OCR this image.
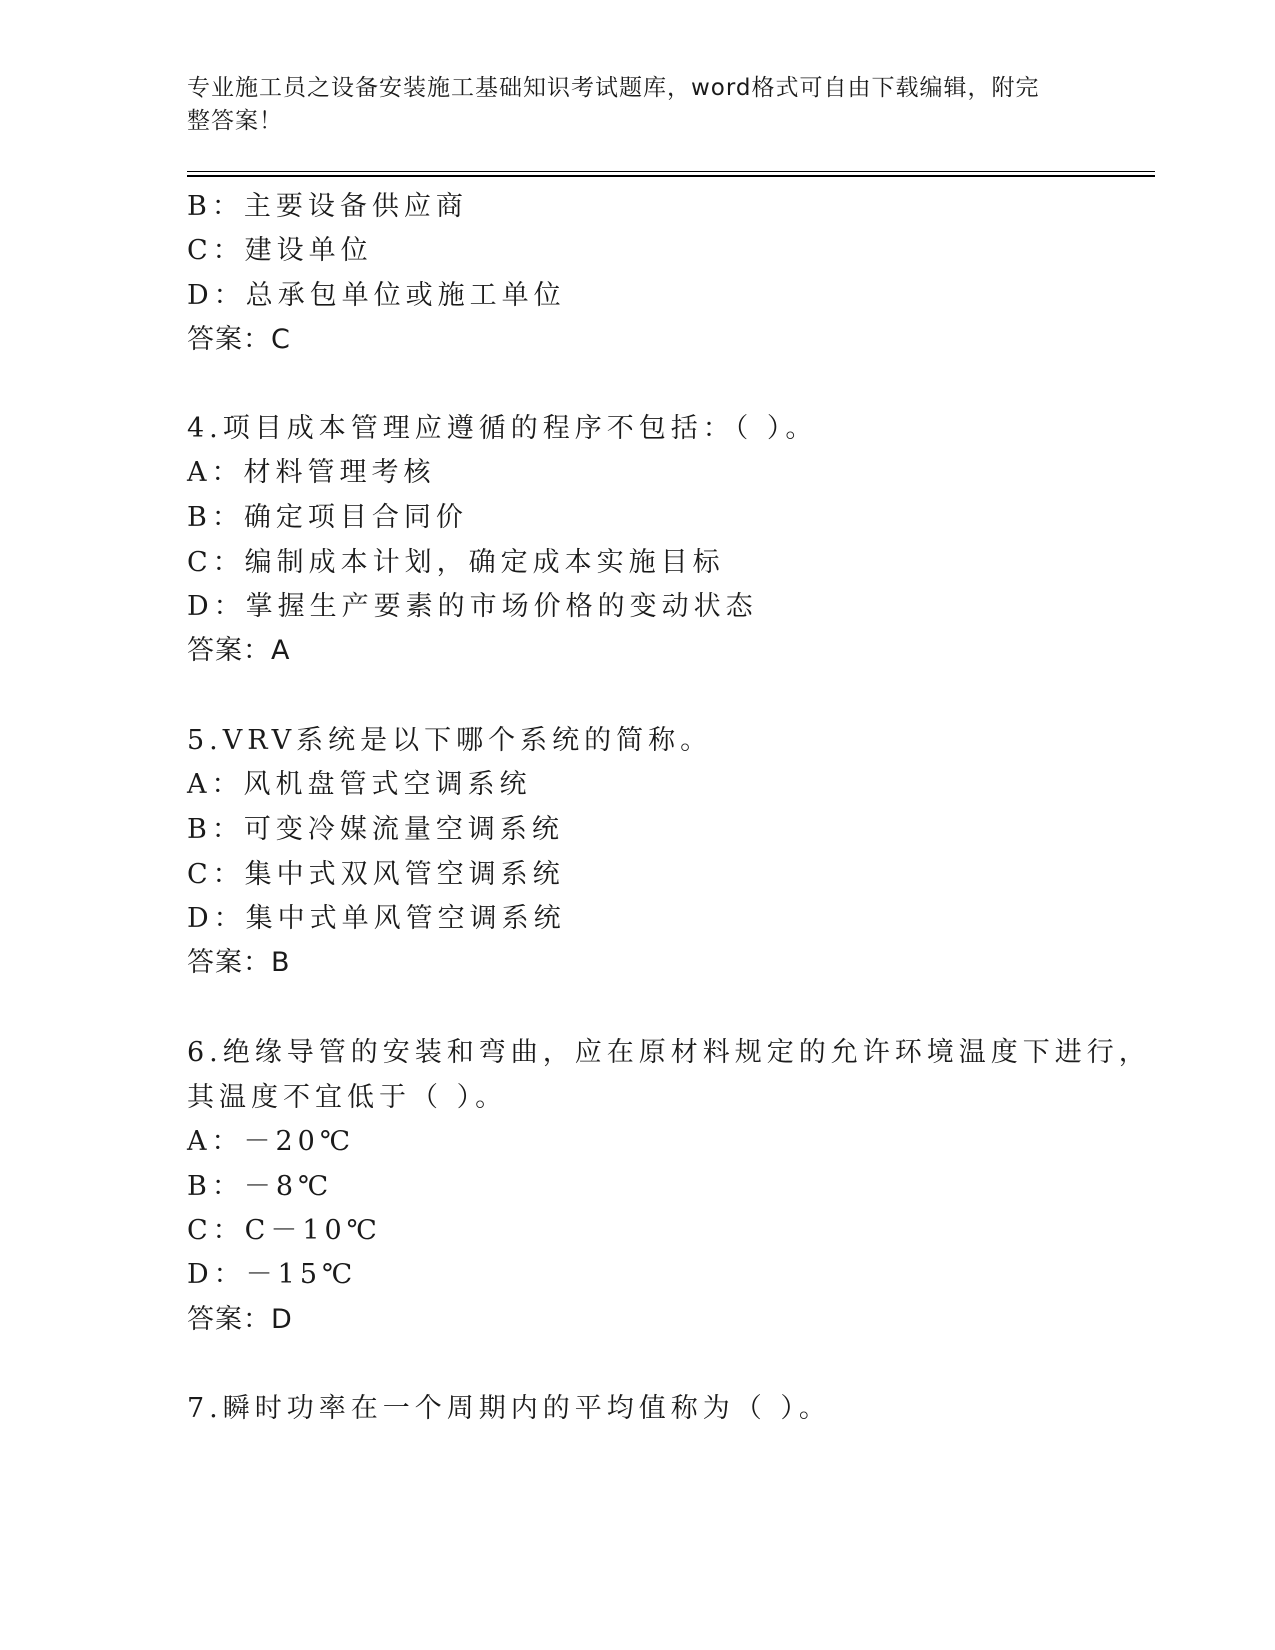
专业施工员之设备安装施工基础知识考试题库，word格式可自由下载编辑，附完
整答案！
B：主要设备供应商
C：建设单位
D：总承包单位或施工单位
答案：C
4.项目成本管理应遵循的程序不包括：（ ）。
A：材料管理考核
B：确定项目合同价
C：编制成本计划，确定成本实施目标
D：掌握生产要素的市场价格的变动状态
答案：A
5.VRV系统是以下哪个系统的简称。
A：风机盘管式空调系统
B：可变冷媒流量空调系统
C：集中式双风管空调系统
D：集中式单风管空调系统
答案：B
6.绝缘导管的安装和弯曲，应在原材料规定的允许环境温度下进行，
其温度不宜低于（ ）。
A：－20℃
B：－8℃
C：C－10℃
D：－15℃
答案：D
7.瞬时功率在一个周期内的平均值称为（ ）。
